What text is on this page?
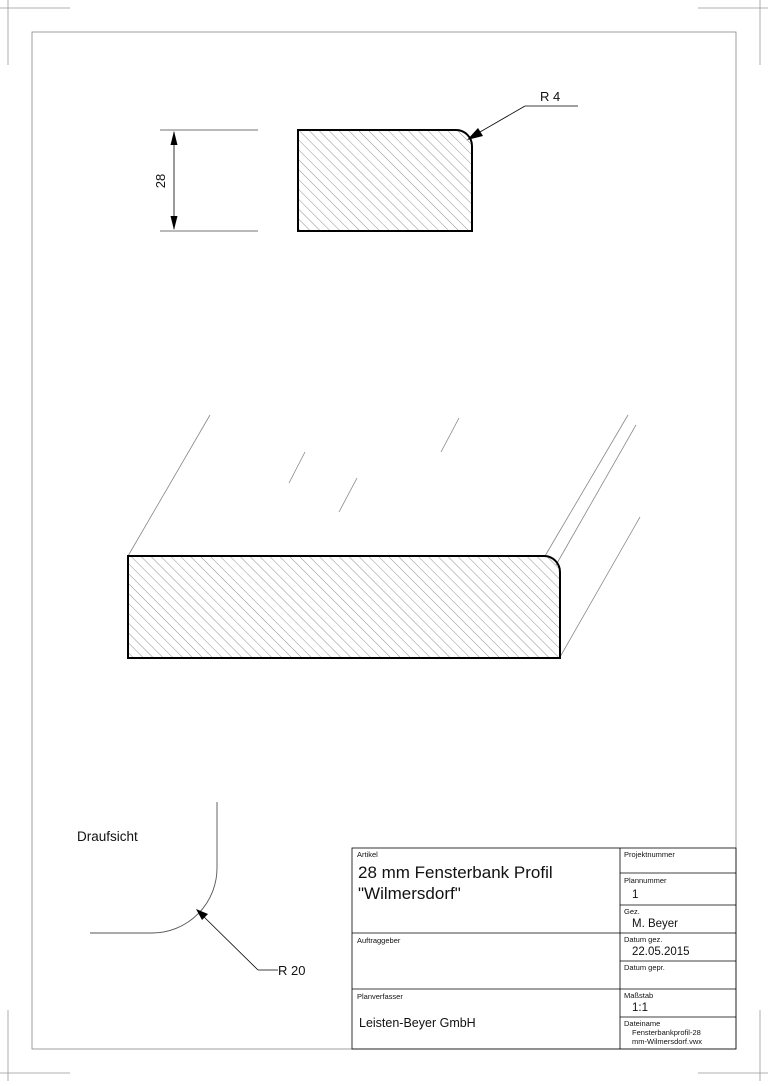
28
R 4
R 20
Draufsicht
Artikel
28 mm Fensterbank Profil
"Wilmersdorf"
Auftraggeber
Planverfasser
Leisten-Beyer GmbH
Projektnummer
Plannummer
1
Gez.
M. Beyer
Datum gez.
22.05.2015
Datum gepr.
Maßstab
1:1
Dateiname
Fensterbankprofil-28
mm-Wilmersdorf.vwx
